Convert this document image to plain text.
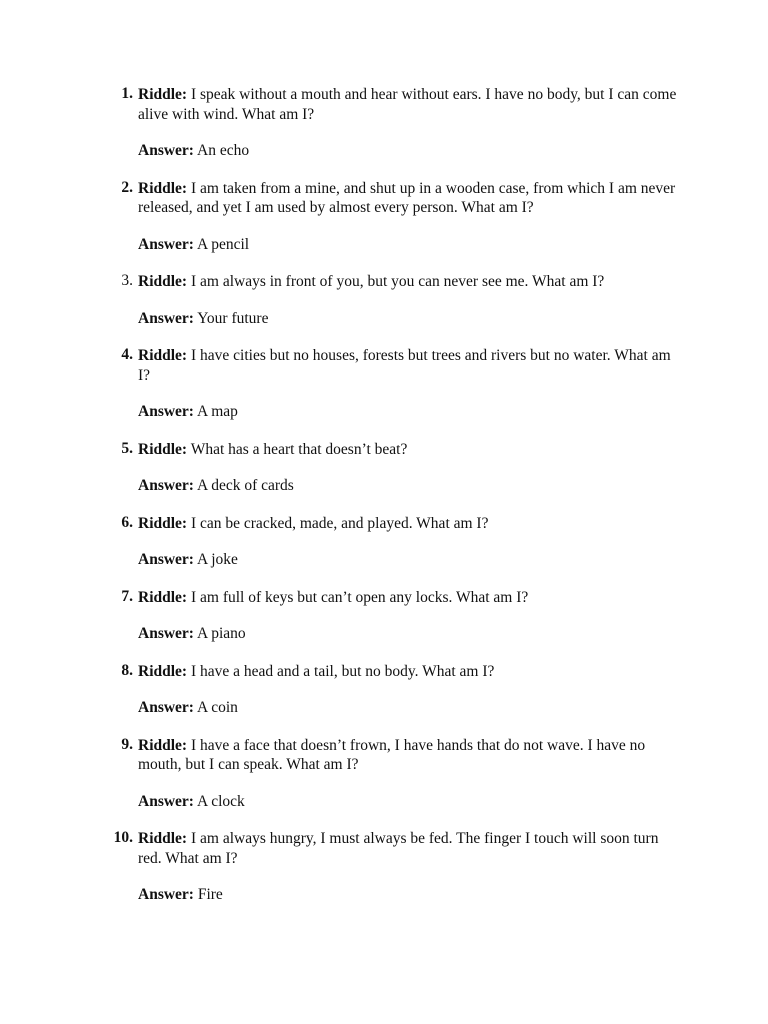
1. Riddle: I speak without a mouth and hear without ears. I have no body, but I can come alive with wind. What am I?

Answer: An echo

2. Riddle: I am taken from a mine, and shut up in a wooden case, from which I am never released, and yet I am used by almost every person. What am I?

Answer: A pencil

3. Riddle: I am always in front of you, but you can never see me. What am I?

Answer: Your future

4. Riddle: I have cities but no houses, forests but trees and rivers but no water. What am I?

Answer: A map

5. Riddle: What has a heart that doesn’t beat?

Answer: A deck of cards

6. Riddle: I can be cracked, made, and played. What am I?

Answer: A joke

7. Riddle: I am full of keys but can’t open any locks. What am I?

Answer: A piano

8. Riddle: I have a head and a tail, but no body. What am I?

Answer: A coin

9. Riddle: I have a face that doesn’t frown, I have hands that do not wave. I have no mouth, but I can speak. What am I?

Answer: A clock

10. Riddle: I am always hungry, I must always be fed. The finger I touch will soon turn red. What am I?

Answer: Fire
